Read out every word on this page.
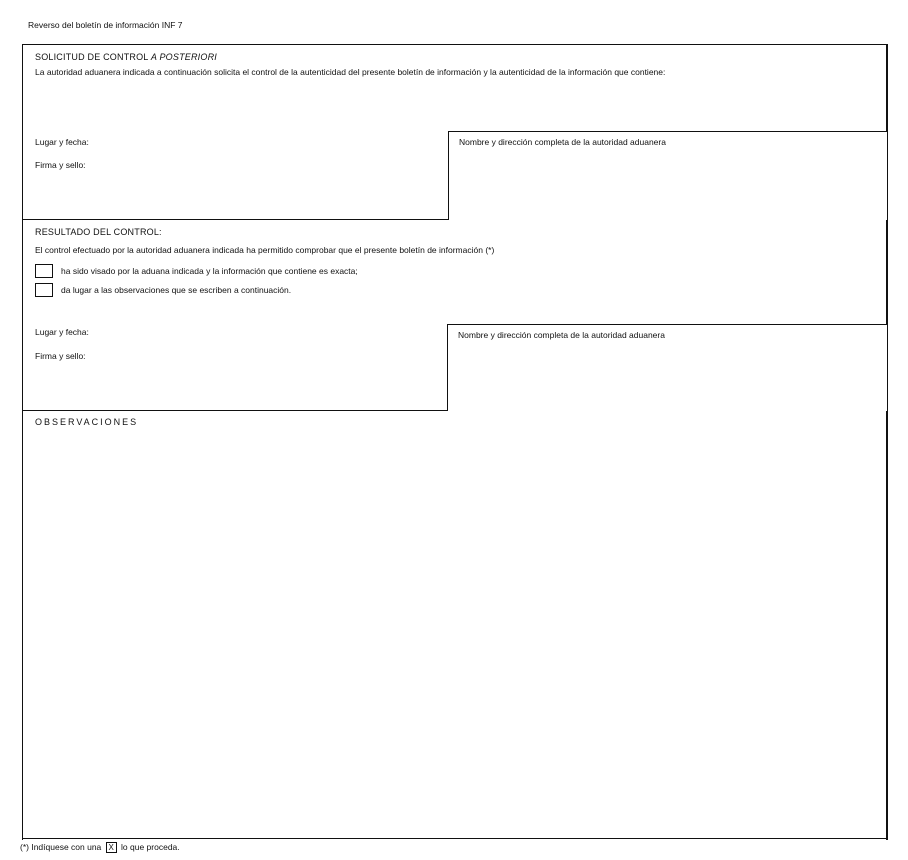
Reverso del boletín de información INF 7
SOLICITUD DE CONTROL A POSTERIORI
La autoridad aduanera indicada a continuación solicita el control de la autenticidad del presente boletín de información y la autenticidad de la información que contiene:
Lugar y fecha:
Firma y sello:
Nombre y dirección completa de la autoridad aduanera
RESULTADO DEL CONTROL:
El control efectuado por la autoridad aduanera indicada ha permitido comprobar que el presente boletín de información (*)
ha sido visado por la aduana indicada y la información que contiene es exacta;
da lugar a las observaciones que se escriben a continuación.
Lugar y fecha:
Firma y sello:
Nombre y dirección completa de la autoridad aduanera
OBSERVACIONES
(*) Indíquese con una X lo que proceda.
